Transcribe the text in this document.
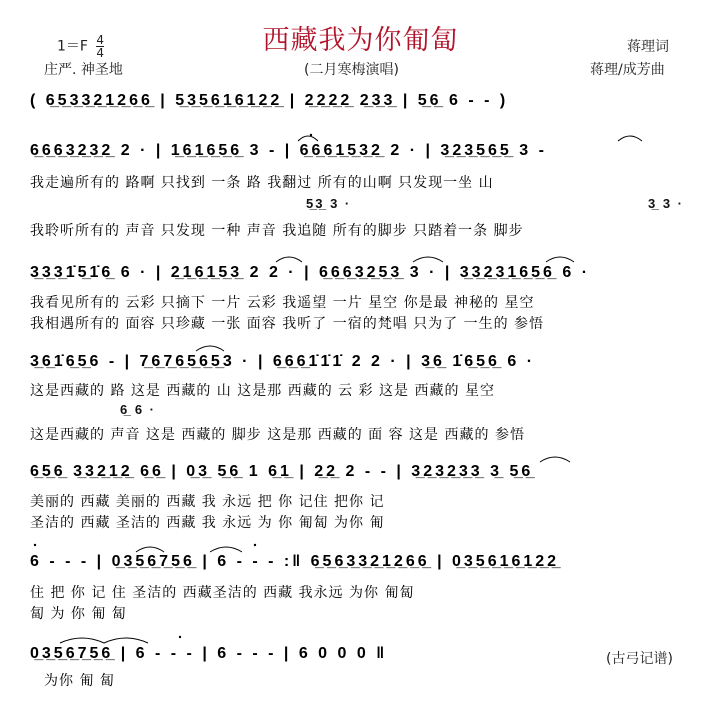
西藏我为你匍匐
$1=F \frac{4}{4}$
庄严. 神圣地	(二月寒梅演唱)
蒋理词
蒋理/成芳曲
( 6̲5̲3̲3̲2̲1̲2̲6̲6̲ | 5̲3̲5̲6̲1̲6̲1̲2̲2̲ | 2̲2̲2̲2̲ 2̲3̲3̲ | 5̲6̲ 6 - - )
6̲6̲6̲3̲2̲3̲2̲ 2 · | 1̲6̲1̲6̲5̲6̲ 3 - | 6̲6̲6̲1̲5̲3̲2̲ 2 · | 3̲2̲3̲5̲6̲5̲ 3 -
我走遍所有的 路啊 只找到 一条 路 我翻过 所有的山啊 只发现一坐 山
5̲3̲ 3 ·	3̲ 3 ·
我聆听所有的 声音 只发现 一种 声音 我追随 所有的脚步 只踏着一条 脚步
3̲3̲3̲1̇5̲1̇6̲ 6 · | 2̲1̲6̲1̲5̲3̲ 2 2 · | 6̲6̲6̲3̲2̲5̲3̲ 3 · | 3̲3̲2̲3̲1̲6̲5̲6̲ 6 ·
我看见所有的 云彩 只摘下 一片 云彩 我遥望 一片 星空 你是最 神秘的 星空
我相遇所有的 面容 只珍藏 一张 面容 我听了 一宿的梵唱 只为了 一生的 参悟
3̲6̲1̇6̲5̲6 - | 7̲6̲7̲6̲5̲6̲5̲3 · | 6̲6̲6̲1̇1̇1̇ 2 2 · | 3̲6̲ 1̇6̲5̲6̲ 6 ·
这是西藏的 路 这是 西藏的 山 这是那 西藏的 云 彩 这是 西藏的 星空
6̲ 6 ·
这是西藏的 声音 这是 西藏的 脚步 这是那 西藏的 面 容 这是 西藏的 参悟
6̲5̲6̲ 3̲3̲2̲1̲2̲ 6̲6̲ | 0̲3̲ 5̲6̲ 1 6̲1̲ | 2̲2̲ 2 - - | 3̲2̲3̲2̲3̲3̲ 3̲ 5̲6̲
美丽的 西藏 美丽的 西藏 我 永远 把 你 记住 把你 记
圣洁的 西藏 圣洁的 西藏 我 永远 为 你 匍匐 为你 匍
6 - - - | 0̲3̲5̲6̲7̲5̲6̲ | 6 - - - :‖ 6̲5̲6̲3̲3̲2̲1̲2̲6̲6̲ | 0̲3̲5̲6̲1̲6̲1̲2̲2̲
住 把 你 记 住 圣洁的 西藏圣洁的 西藏 我永远 为你 匍匐
匐 为 你 匍 匐
0̲3̲5̲6̲7̲5̲6̲ | 6 - - - | 6 - - - | 6 0 0 0 ‖
为你 匍 匐
(古弓记谱)
